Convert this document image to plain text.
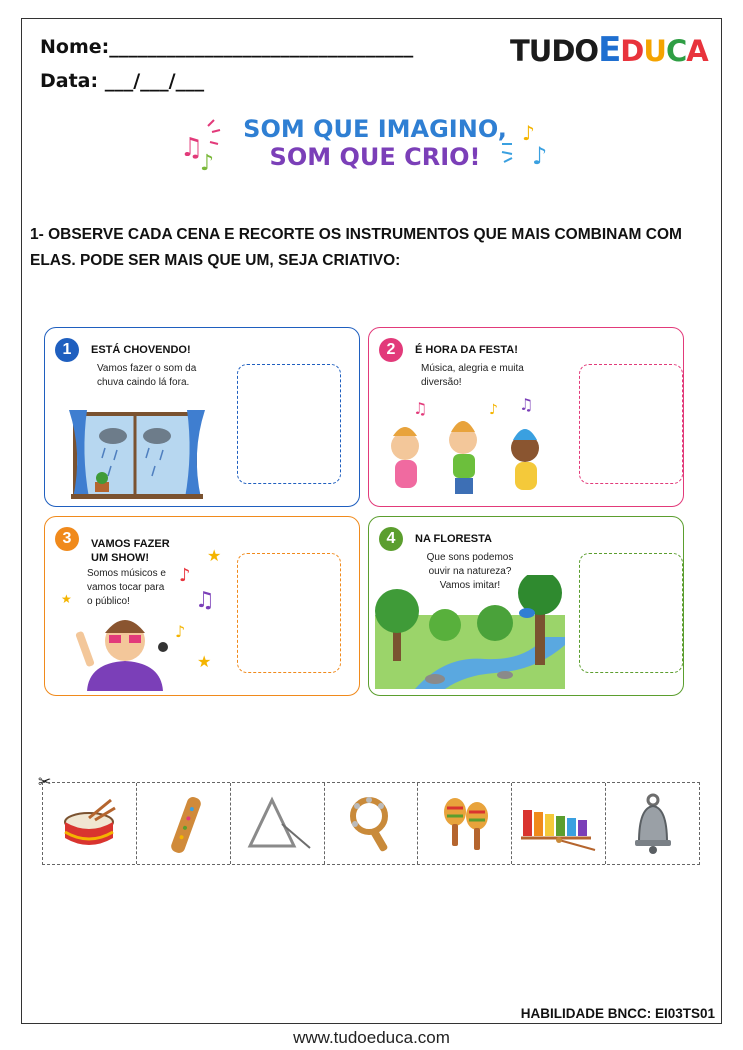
Nome:________________________________
Data: ___/___/___
TUDOEDUCA
♫
♪
SOM QUE IMAGINO,
SOM QUE CRIO!
♪
♪
1- OBSERVE CADA CENA E RECORTE OS INSTRUMENTOS QUE MAIS COMBINAM COM ELAS. PODE SER MAIS QUE UM, SEJA CRIATIVO:
1	ESTÁ CHOVENDO!
Vamos fazer o som da chuva caindo lá fora.
2	É HORA DA FESTA!
Música, alegria e muita diversão!
♫	♪ ♫
3	VAMOS FAZER UM SHOW!
Somos músicos e vamos tocar para o público!
★
♪
♫
★
♪
★
4	NA FLORESTA
Que sons podemos ouvir na natureza? Vamos imitar!
✂
HABILIDADE BNCC: EI03TS01
www.tudoeduca.com
